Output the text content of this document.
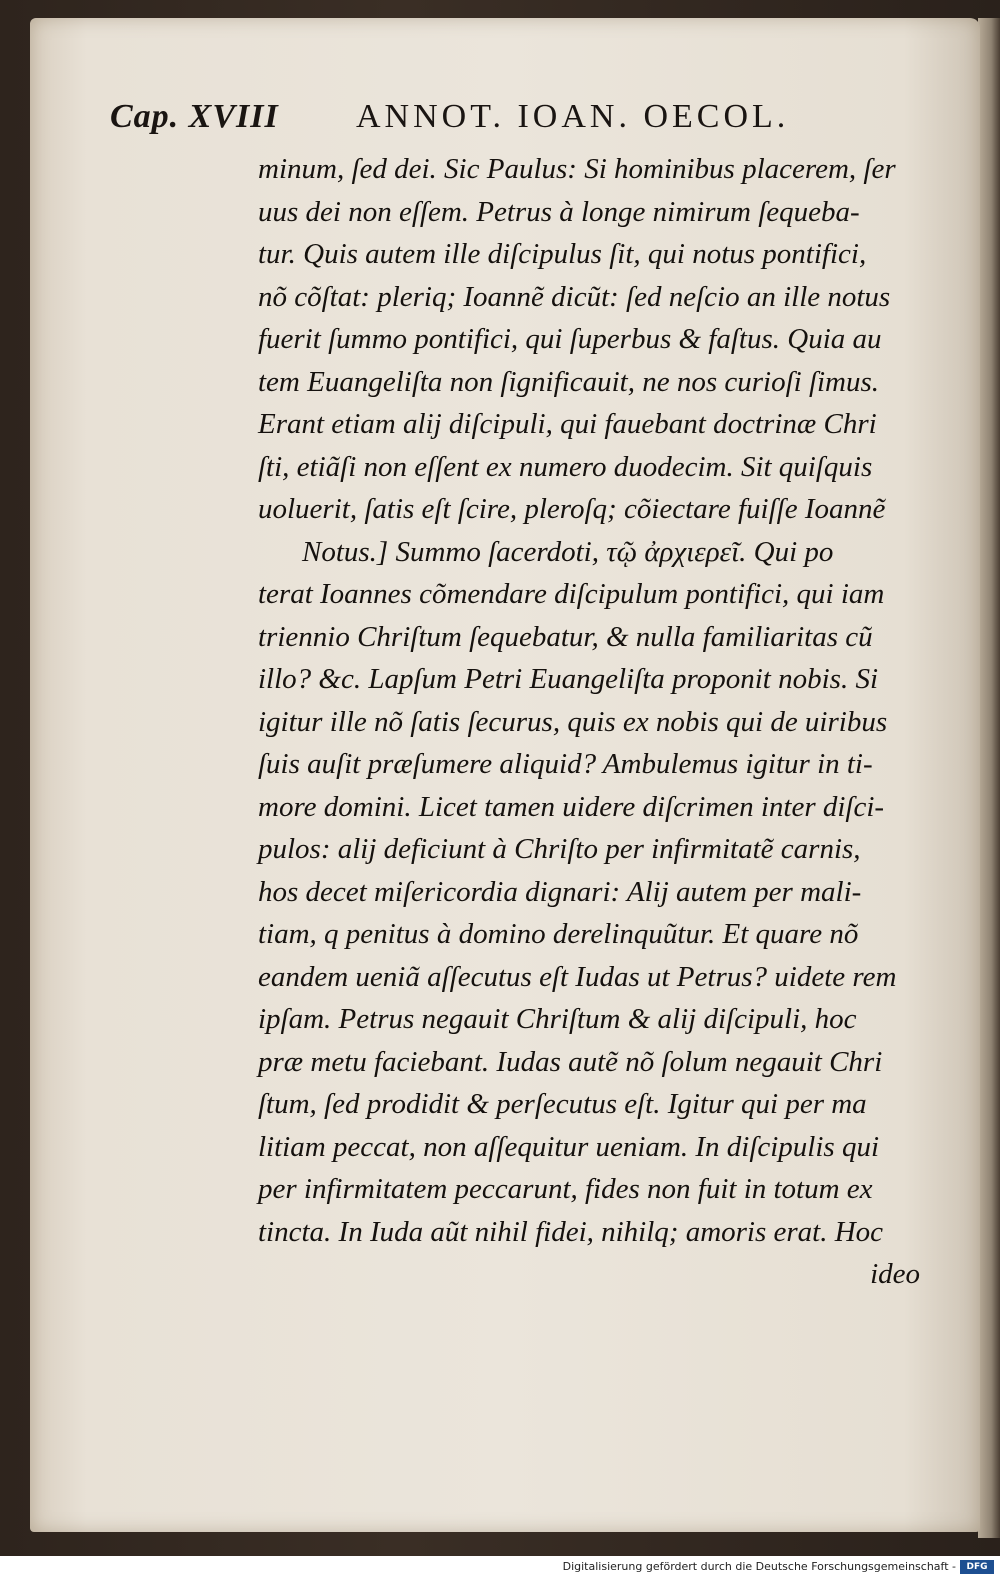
Cap. XVIII ANNOT. IOAN. OECOL.
minum, ſed dei. Sic Paulus: Si hominibus placerem, ſer
uus dei non eſſem. Petrus à longe nimirum ſequeba-
tur. Quis autem ille diſcipulus ſit, qui notus pontifici,
nõ cõſtat: pleriq; Ioannẽ dicũt: ſed neſcio an ille notus
fuerit ſummo pontifici, qui ſuperbus & faſtus. Quia au
tem Euangeliſta non ſignificauit, ne nos curioſi ſimus.
Erant etiam alij diſcipuli, qui fauebant doctrinæ Chri
ſti, etiãſi non eſſent ex numero duodecim. Sit quiſquis
uoluerit, ſatis eſt ſcire, pleroſq; cõiectare fuiſſe Ioannẽ
Notus.] Summo ſacerdoti, τῷ ἀρχιερεῖ. Qui po
terat Ioannes cõmendare diſcipulum pontifici, qui iam
triennio Chriſtum ſequebatur, & nulla familiaritas cũ
illo? &c. Lapſum Petri Euangeliſta proponit nobis. Si
igitur ille nõ ſatis ſecurus, quis ex nobis qui de uiribus
ſuis auſit præſumere aliquid? Ambulemus igitur in ti-
more domini. Licet tamen uidere diſcrimen inter diſci-
pulos: alij deficiunt à Chriſto per infirmitatẽ carnis,
hos decet miſericordia dignari: Alij autem per mali-
tiam, q penitus à domino derelinquũtur. Et quare nõ
eandem ueniã aſſecutus eſt Iudas ut Petrus? uidete rem
ipſam. Petrus negauit Chriſtum & alij diſcipuli, hoc
præ metu faciebant. Iudas autẽ nõ ſolum negauit Chri
ſtum, ſed prodidit & perſecutus eſt. Igitur qui per ma
litiam peccat, non aſſequitur ueniam. In diſcipulis qui
per infirmitatem peccarunt, fides non fuit in totum ex
tincta. In Iuda aũt nihil fidei, nihilq; amoris erat. Hoc
ideo
Digitalisierung gefördert durch die Deutsche Forschungsgemeinschaft -	DFG
